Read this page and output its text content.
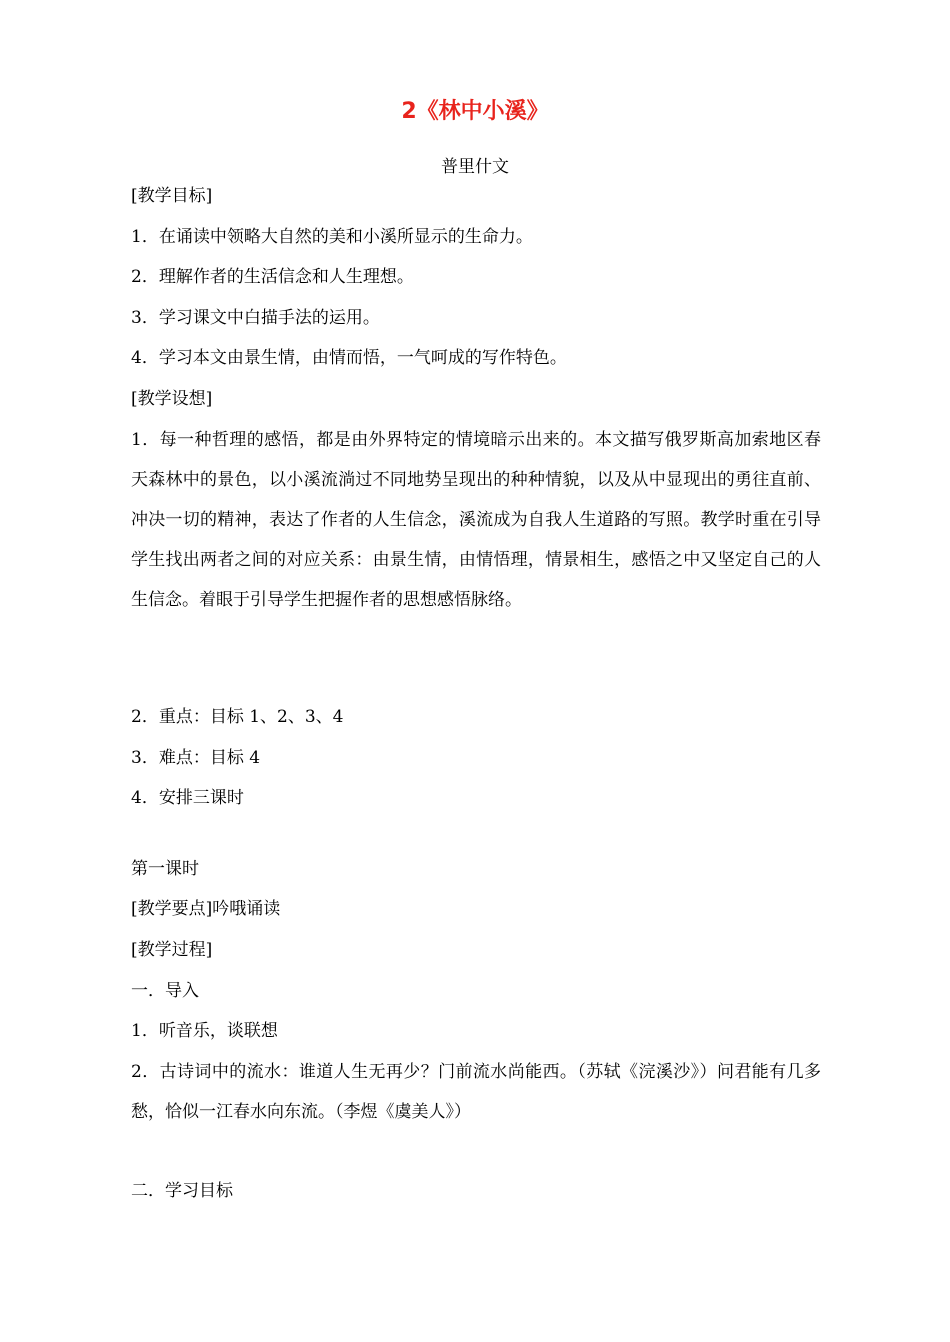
2《林中小溪》
普里什文
[教学目标]
1．在诵读中领略大自然的美和小溪所显示的生命力。
2．理解作者的生活信念和人生理想。
3．学习课文中白描手法的运用。
4．学习本文由景生情，由情而悟，一气呵成的写作特色。
[教学设想]
1．每一种哲理的感悟，都是由外界特定的情境暗示出来的。本文描写俄罗斯高加索地区春天森林中的景色，以小溪流淌过不同地势呈现出的种种情貌，以及从中显现出的勇往直前、冲决一切的精神，表达了作者的人生信念，溪流成为自我人生道路的写照。教学时重在引导学生找出两者之间的对应关系：由景生情，由情悟理，情景相生，感悟之中又坚定自己的人生信念。着眼于引导学生把握作者的思想感悟脉络。
2．重点：目标 1、2、3、4
3．难点：目标 4
4．安排三课时
第一课时
[教学要点]吟哦诵读
[教学过程]
一．导入
1．听音乐，谈联想
2．古诗词中的流水：谁道人生无再少？门前流水尚能西。（苏轼《浣溪沙》）问君能有几多愁，恰似一江春水向东流。（李煜《虞美人》）
二．学习目标
